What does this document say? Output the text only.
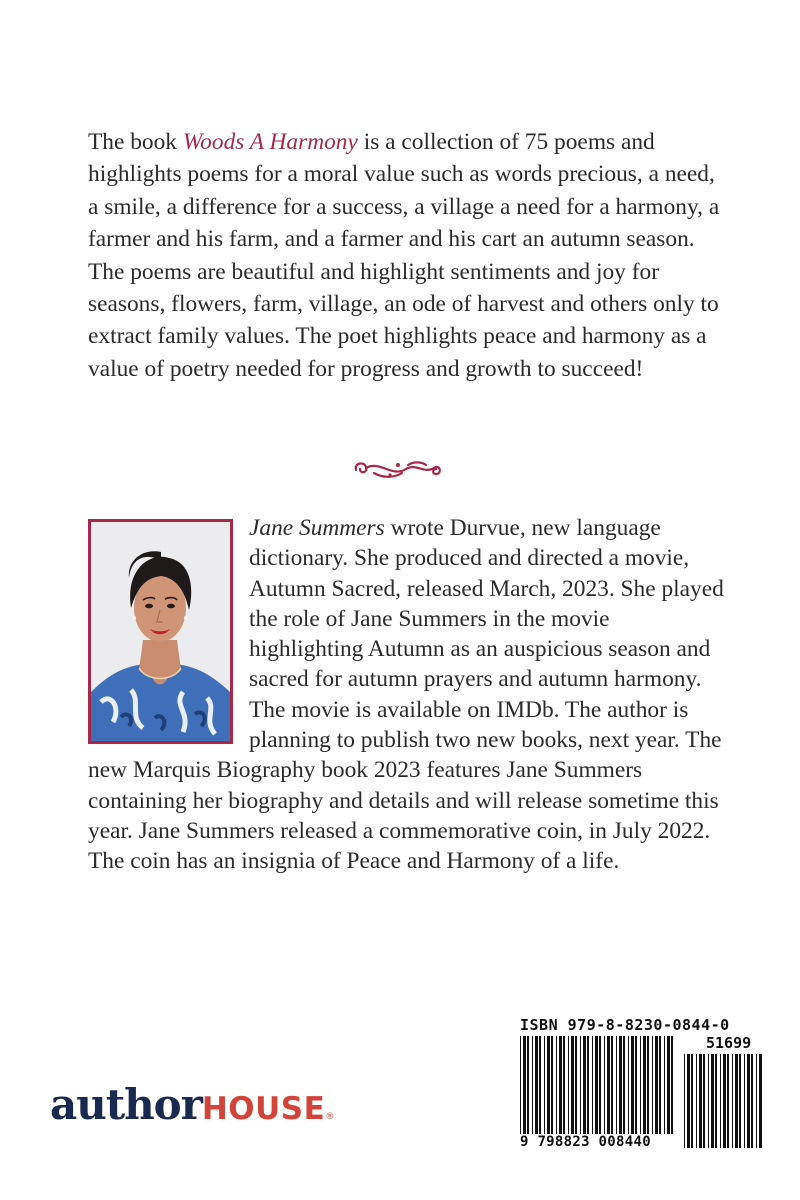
The book Woods A Harmony is a collection of 75 poems and highlights poems for a moral value such as words precious, a need, a smile, a difference for a success, a village a need for a harmony, a farmer and his farm, and a farmer and his cart an autumn season. The poems are beautiful and highlight sentiments and joy for seasons, flowers, farm, village, an ode of harvest and others only to extract family values. The poet highlights peace and harmony as a value of poetry needed for progress and growth to succeed!

Jane Summers wrote Durvue, new language dictionary. She produced and directed a movie, Autumn Sacred, released March, 2023. She played the role of Jane Summers in the movie highlighting Autumn as an auspicious season and sacred for autumn prayers and autumn harmony. The movie is available on IMDb. The author is planning to publish two new books, next year. The new Marquis Biography book 2023 features Jane Summers containing her biography and details and will release sometime this year. Jane Summers released a commemorative coin, in July 2022. The coin has an insignia of Peace and Harmony of a life.
author HOUSE ®
ISBN 979-8-8230-0844-0
51699
9 798823 008440
